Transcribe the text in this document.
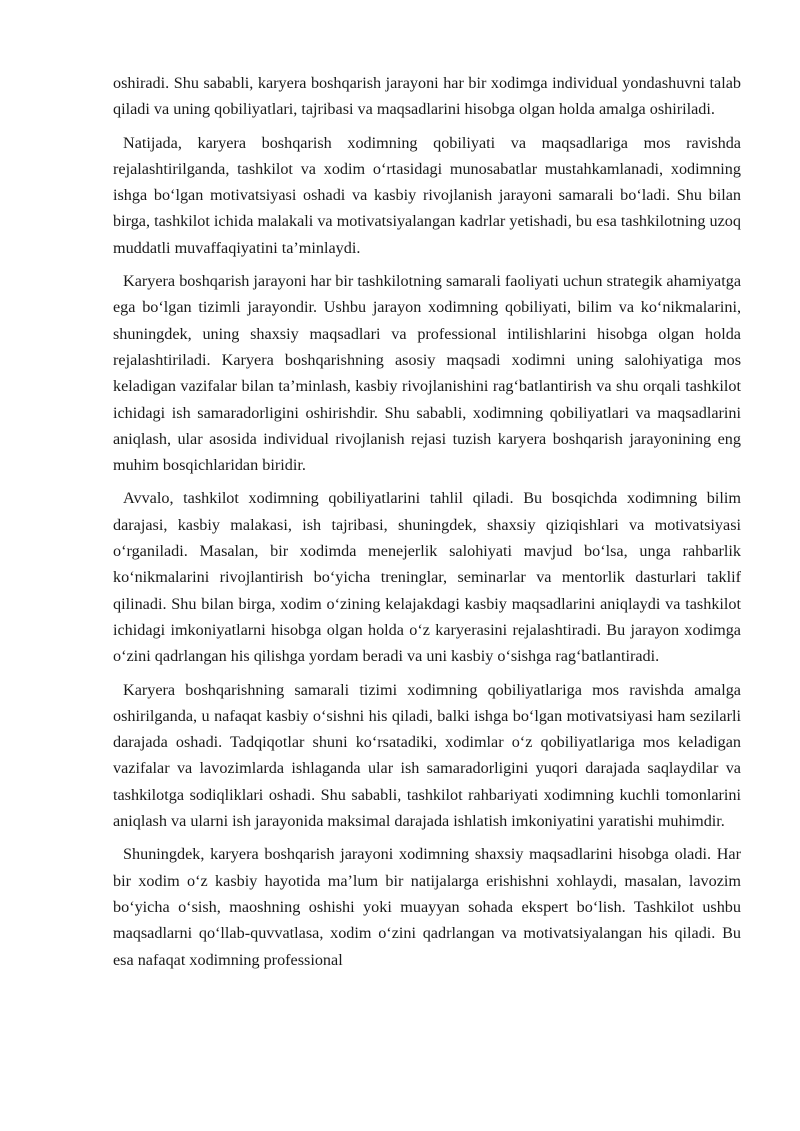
oshiradi. Shu sababli, karyera boshqarish jarayoni har bir xodimga individual yondashuvni talab qiladi va uning qobiliyatlari, tajribasi va maqsadlarini hisobga olgan holda amalga oshiriladi.

Natijada, karyera boshqarish xodimning qobiliyati va maqsadlariga mos ravishda rejalashtirilganda, tashkilot va xodim o‘rtasidagi munosabatlar mustahkamlanadi, xodimning ishga bo‘lgan motivatsiyasi oshadi va kasbiy rivojlanish jarayoni samarali bo‘ladi. Shu bilan birga, tashkilot ichida malakali va motivatsiyalangan kadrlar yetishadi, bu esa tashkilotning uzoq muddatli muvaffaqiyatini ta’minlaydi.

Karyera boshqarish jarayoni har bir tashkilotning samarali faoliyati uchun strategik ahamiyatga ega bo‘lgan tizimli jarayondir. Ushbu jarayon xodimning qobiliyati, bilim va ko‘nikmalarini, shuningdek, uning shaxsiy maqsadlari va professional intilishlarini hisobga olgan holda rejalashtiriladi. Karyera boshqarishning asosiy maqsadi xodimni uning salohiyatiga mos keladigan vazifalar bilan ta’minlash, kasbiy rivojlanishini rag‘batlantirish va shu orqali tashkilot ichidagi ish samaradorligini oshirishdir. Shu sababli, xodimning qobiliyatlari va maqsadlarini aniqlash, ular asosida individual rivojlanish rejasi tuzish karyera boshqarish jarayonining eng muhim bosqichlaridan biridir.

Avvalo, tashkilot xodimning qobiliyatlarini tahlil qiladi. Bu bosqichda xodimning bilim darajasi, kasbiy malakasi, ish tajribasi, shuningdek, shaxsiy qiziqishlari va motivatsiyasi o‘rganiladi. Masalan, bir xodimda menejerlik salohiyati mavjud bo‘lsa, unga rahbarlik ko‘nikmalarini rivojlantirish bo‘yicha treninglar, seminarlar va mentorlik dasturlari taklif qilinadi. Shu bilan birga, xodim o‘zining kelajakdagi kasbiy maqsadlarini aniqlaydi va tashkilot ichidagi imkoniyatlarni hisobga olgan holda o‘z karyerasini rejalashtiradi. Bu jarayon xodimga o‘zini qadrlangan his qilishga yordam beradi va uni kasbiy o‘sishga rag‘batlantiradi.

Karyera boshqarishning samarali tizimi xodimning qobiliyatlariga mos ravishda amalga oshirilganda, u nafaqat kasbiy o‘sishni his qiladi, balki ishga bo‘lgan motivatsiyasi ham sezilarli darajada oshadi. Tadqiqotlar shuni ko‘rsatadiki, xodimlar o‘z qobiliyatlariga mos keladigan vazifalar va lavozimlarda ishlaganda ular ish samaradorligini yuqori darajada saqlaydilar va tashkilotga sodiqliklari oshadi. Shu sababli, tashkilot rahbariyati xodimning kuchli tomonlarini aniqlash va ularni ish jarayonida maksimal darajada ishlatish imkoniyatini yaratishi muhimdir.

Shuningdek, karyera boshqarish jarayoni xodimning shaxsiy maqsadlarini hisobga oladi. Har bir xodim o‘z kasbiy hayotida ma’lum bir natijalarga erishishni xohlaydi, masalan, lavozim bo‘yicha o‘sish, maoshning oshishi yoki muayyan sohada ekspert bo‘lish. Tashkilot ushbu maqsadlarni qo‘llab-quvvatlasa, xodim o‘zini qadrlangan va motivatsiyalangan his qiladi. Bu esa nafaqat xodimning professional
